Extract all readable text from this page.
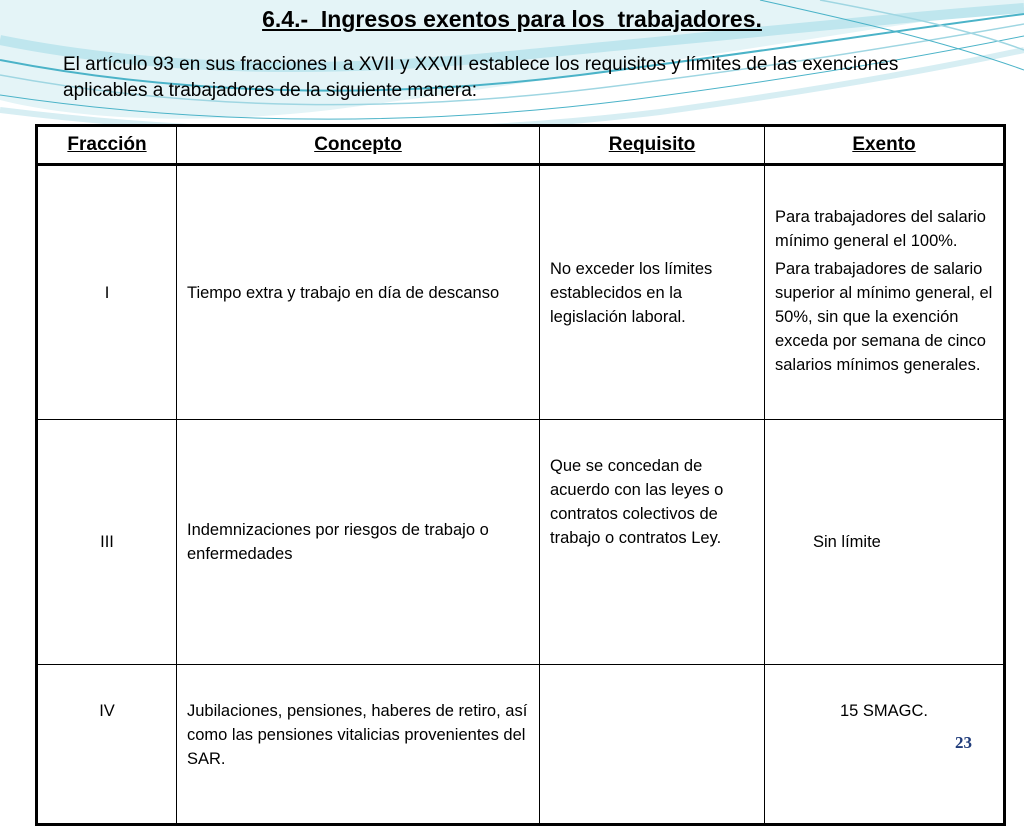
6.4.-  Ingresos exentos para los  trabajadores.
El artículo 93 en sus fracciones I a XVII y XXVII establece los requisitos y límites de las exenciones aplicables a trabajadores de la siguiente manera:
Fracción	Concepto	Requisito	Exento
I	Tiempo extra y trabajo en día de descanso	No exceder los límites establecidos en la legislación laboral.	Para trabajadores del salario mínimo general el 100%.

Para trabajadores de salario superior al mínimo general, el 50%, sin que la exención exceda por semana de cinco salarios mínimos generales.

III	Indemnizaciones por riesgos de trabajo o enfermedades	Que se concedan de acuerdo con las leyes o contratos colectivos de trabajo o contratos Ley.	Sin límite
IV	Jubilaciones, pensiones, haberes de retiro, así como las pensiones vitalicias provenientes del SAR.		15 SMAGC.
23
